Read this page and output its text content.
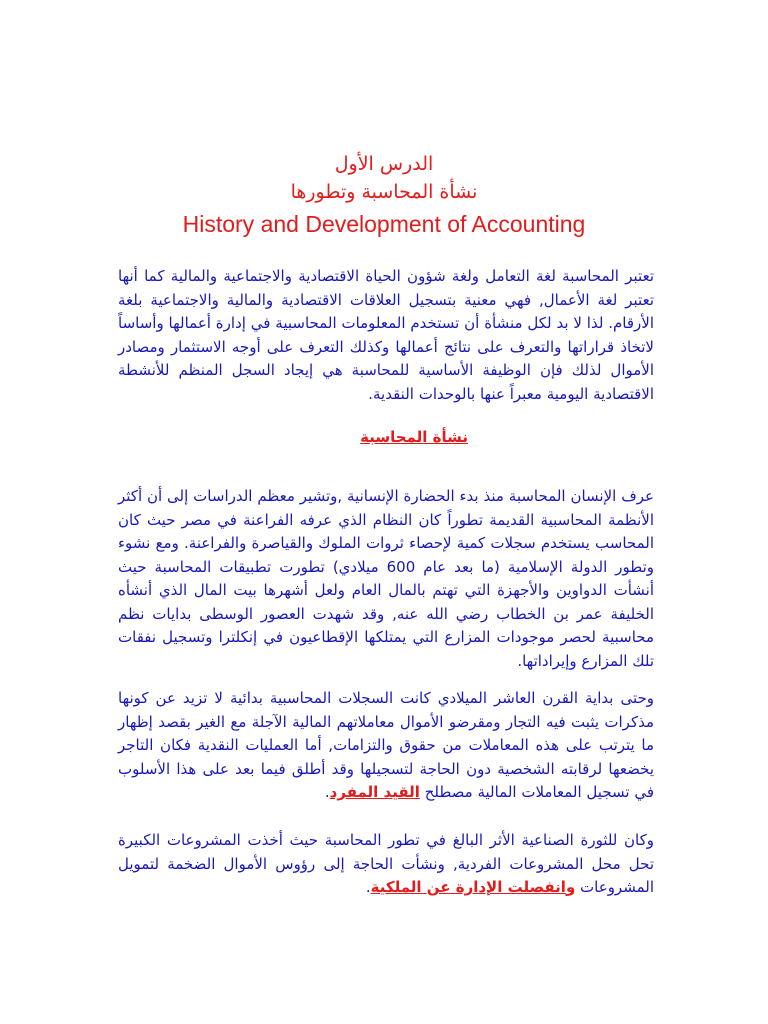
الدرس الأول
نشأة المحاسبة وتطورها
History and Development of Accounting

تعتبر المحاسبة لغة التعامل ولغة شؤون الحياة الاقتصادية والاجتماعية والمالية كما أنها تعتبر لغة الأعمال, فهي معنية بتسجيل العلاقات الاقتصادية والمالية والاجتماعية بلغة الأرقام. لذا لا بد لكل منشأة أن تستخدم المعلومات المحاسبية في إدارة أعمالها وأساساً لاتخاذ قراراتها والتعرف على نتائج أعمالها وكذلك التعرف على أوجه الاستثمار ومصادر الأموال لذلك فإن الوظيفة الأساسية للمحاسبة هي إيجاد السجل المنظم للأنشطة الاقتصادية اليومية معبراً عنها بالوحدات النقدية.

نشأة المحاسبة

عرف الإنسان المحاسبة منذ بدء الحضارة الإنسانية ,وتشير معظم الدراسات إلى أن أكثر الأنظمة المحاسبية القديمة تطوراً كان النظام الذي عرفه الفراعنة في مصر حيث كان المحاسب يستخدم سجلات كمية لإحصاء ثروات الملوك والقياصرة والفراعنة. ومع نشوء وتطور الدولة الإسلامية (ما بعد عام 600 ميلادي) تطورت تطبيقات المحاسبة حيث أنشأت الدواوين والأجهزة التي تهتم بالمال العام ولعل أشهرها بيت المال الذي أنشأه الخليفة عمر بن الخطاب رضي الله عنه, وقد شهدت العصور الوسطى بدايات نظم محاسبية لحصر موجودات المزارع التي يمتلكها الإقطاعيون في إنكلترا وتسجيل نفقات تلك المزارع وإيراداتها.

وحتى بداية القرن العاشر الميلادي كانت السجلات المحاسبية بدائية لا تزيد عن كونها مذكرات يثبت فيه التجار ومقرضو الأموال معاملاتهم المالية الآجلة مع الغير بقصد إظهار ما يترتب على هذه المعاملات من حقوق والتزامات, أما العمليات النقدية فكان التاجر يخضعها لرقابته الشخصية دون الحاجة لتسجيلها وقد أطلق فيما بعد على هذا الأسلوب في تسجيل المعاملات المالية مصطلح القيد المفرد.

وكان للثورة الصناعية الأثر البالغ في تطور المحاسبة حيث أخذت المشروعات الكبيرة تحل محل المشروعات الفردية, ونشأت الحاجة إلى رؤوس الأموال الضخمة لتمويل المشروعات وانفصلت الإدارة عن الملكية.
